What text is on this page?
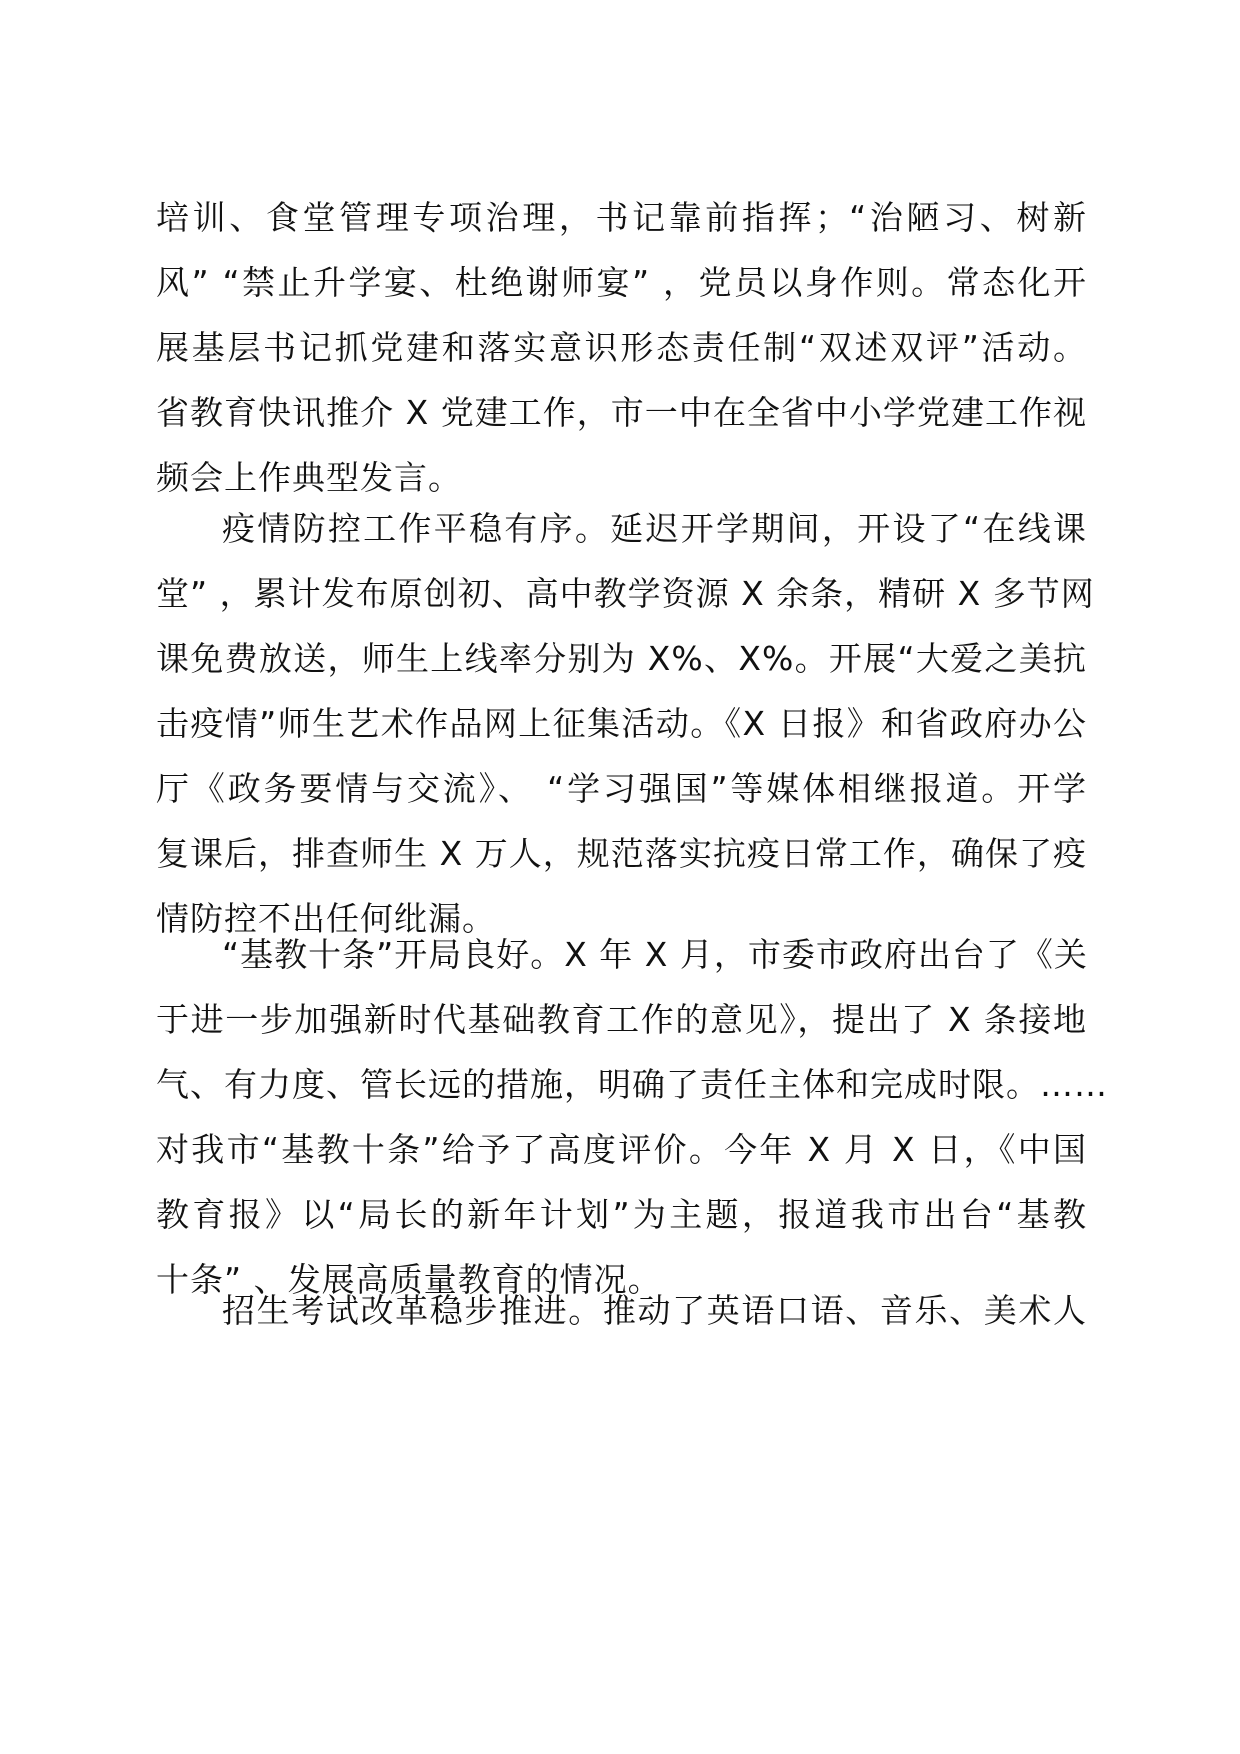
培训、食堂管理专项治理，书记靠前指挥；“治陋习、树新
风” “禁止升学宴、杜绝谢师宴” ，党员以身作则。常态化开
展基层书记抓党建和落实意识形态责任制“双述双评”活动。
省教育快讯推介 X 党建工作，市一中在全省中小学党建工作视
频会上作典型发言。
疫情防控工作平稳有序。延迟开学期间，开设了“在线课
堂” ，累计发布原创初、高中教学资源 X 余条，精研 X 多节网
课免费放送，师生上线率分别为 X%、X%。开展“大爱之美抗
击疫情”师生艺术作品网上征集活动。《X 日报》和省政府办公
厅《政务要情与交流》、 “学习强国”等媒体相继报道。开学
复课后，排查师生 X 万人，规范落实抗疫日常工作，确保了疫
情防控不出任何纰漏。
“基教十条”开局良好。X 年 X 月，市委市政府出台了《关
于进一步加强新时代基础教育工作的意见》，提出了 X 条接地
气、有力度、管长远的措施，明确了责任主体和完成时限。……
对我市“基教十条”给予了高度评价。今年 X 月 X 日，《中国
教育报》以“局长的新年计划”为主题，报道我市出台“基教
十条” 、发展高质量教育的情况。
招生考试改革稳步推进。推动了英语口语、音乐、美术人
